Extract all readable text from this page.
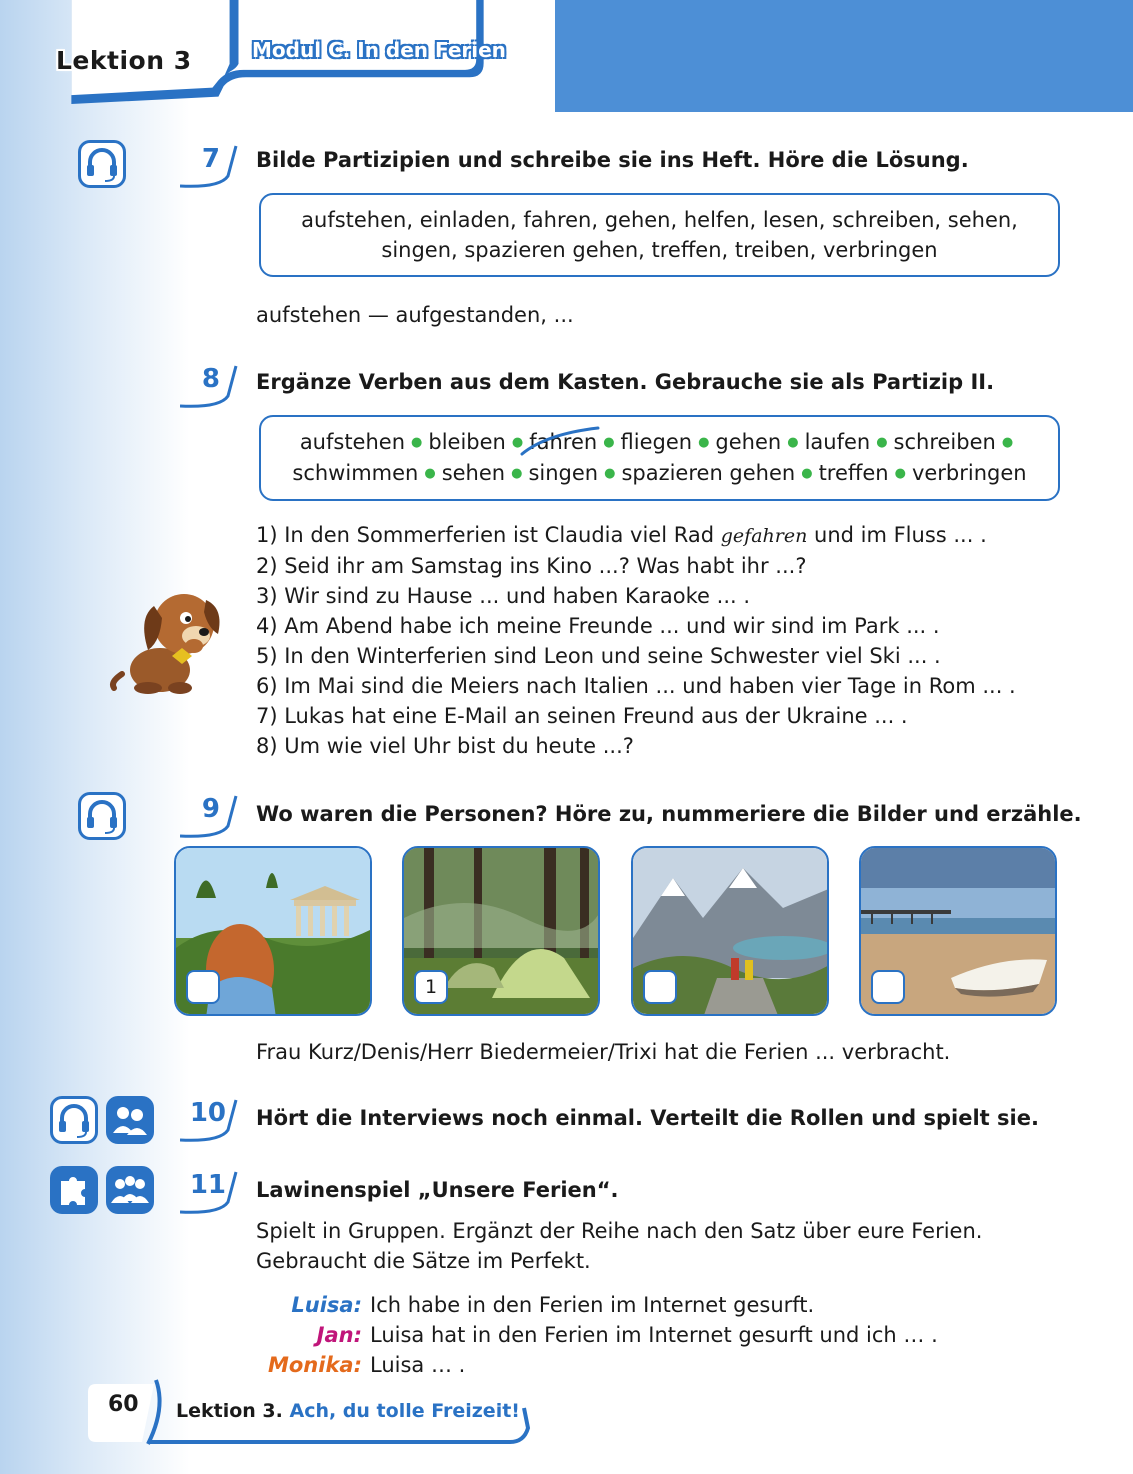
Lektion 3	Modul C. In den Ferien
7 Bilde Partizipien und schreibe sie ins Heft. Höre die Lösung.
aufstehen, einladen, fahren, gehen, helfen, lesen, schreiben, sehen,
singen, spazieren gehen, treffen, treiben, verbringen
aufstehen — aufgestanden, ...
8 Ergänze Verben aus dem Kasten. Gebrauche sie als Partizip II.
aufstehen ● bleiben ● fahren ● fliegen ● gehen ● laufen ● schreiben ●
schwimmen ● sehen ● singen ● spazieren gehen ● treffen ● verbringen
1) In den Sommerferien ist Claudia viel Rad gefahren und im Fluss ... .
2) Seid ihr am Samstag ins Kino ...? Was habt ihr ...?
3) Wir sind zu Hause ... und haben Karaoke ... .
4) Am Abend habe ich meine Freunde ... und wir sind im Park ... .
5) In den Winterferien sind Leon und seine Schwester viel Ski ... .
6) Im Mai sind die Meiers nach Italien ... und haben vier Tage in Rom ... .
7) Lukas hat eine E-Mail an seinen Freund aus der Ukraine ... .
8) Um wie viel Uhr bist du heute ...?
9 Wo waren die Personen? Höre zu, nummeriere die Bilder und erzähle.
1
Frau Kurz/Denis/Herr Biedermeier/Trixi hat die Ferien ... verbracht.
10 Hört die Interviews noch einmal. Verteilt die Rollen und spielt sie.
11 Lawinenspiel „Unsere Ferien“.
Spielt in Gruppen. Ergänzt der Reihe nach den Satz über eure Ferien.
Gebraucht die Sätze im Perfekt.
Luisa: Ich habe in den Ferien im Internet gesurft.
Jan: Luisa hat in den Ferien im Internet gesurft und ich … .
Monika: Luisa … .
60 Lektion 3. Ach, du tolle Freizeit!
